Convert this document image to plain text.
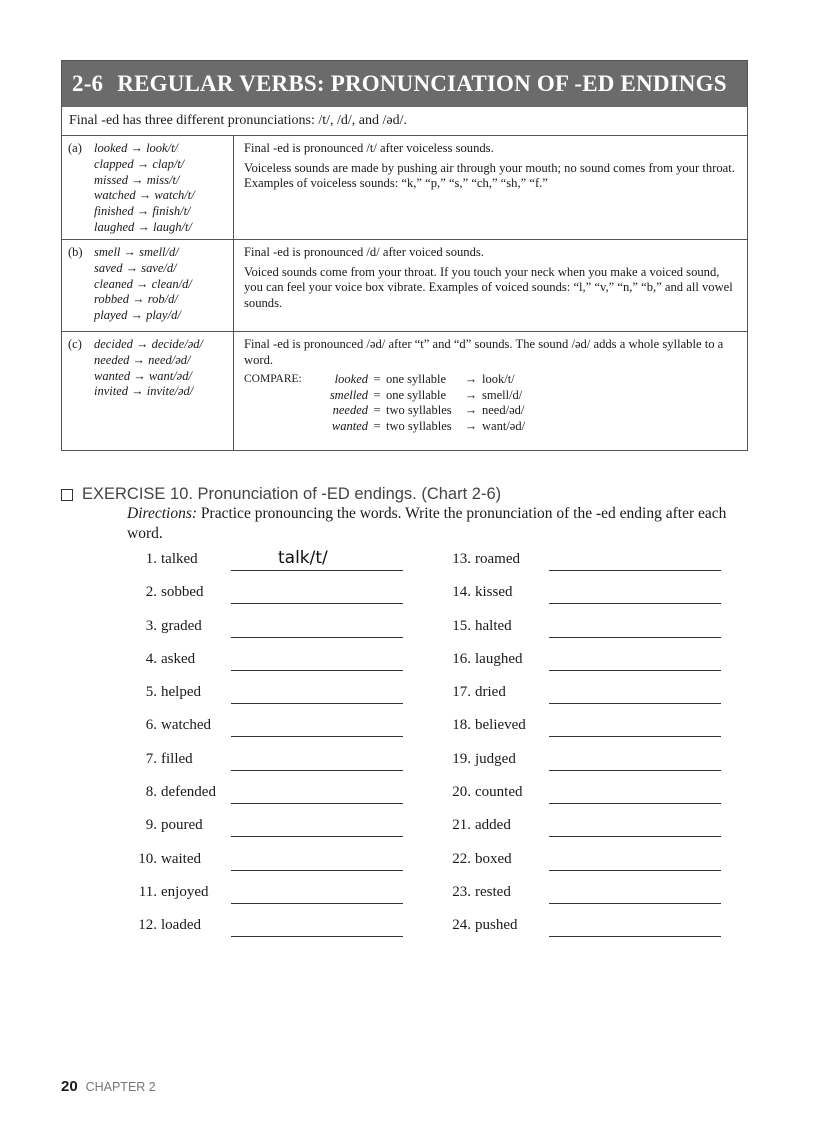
2-6 REGULAR VERBS: PRONUNCIATION OF -ED ENDINGS
Final -ed has three different pronunciations: /t/, /d/, and /əd/.
(a) looked → look/t/
clapped → clap/t/
missed → miss/t/
watched → watch/t/
finished → finish/t/
laughed → laugh/t/

Final -ed is pronounced /t/ after voiceless sounds.

Voiceless sounds are made by pushing air through your mouth; no sound comes from your throat. Examples of voiceless sounds: “k,” “p,” “s,” “ch,” “sh,” “f.”

(b) smell → smell/d/
saved → save/d/
cleaned → clean/d/
robbed → rob/d/
played → play/d/

Final -ed is pronounced /d/ after voiced sounds.

Voiced sounds come from your throat. If you touch your neck when you make a voiced sound, you can feel your voice box vibrate. Examples of voiced sounds: “l,” “v,” “n,” “b,” and all vowel sounds.

(c) decided → decide/əd/
needed → need/əd/
wanted → want/əd/
invited → invite/əd/

Final -ed is pronounced /əd/ after “t” and “d” sounds. The sound /əd/ adds a whole syllable to a word.

COMPARE:	looked = one syllable	→ look/t/
smelled = one syllable	→ smell/d/
needed = two syllables	→ need/əd/
wanted = two syllables	→ want/əd/
EXERCISE 10. Pronunciation of -ED endings. (Chart 2-6)
Directions: Practice pronouncing the words. Write the pronunciation of the -ed ending after each word.
1. talked	talk/t/
2. sobbed
3. graded
4. asked
5. helped
6. watched
7. filled
8. defended
9. poured
10. waited
11. enjoyed
12. loaded
13. roamed
14. kissed
15. halted
16. laughed
17. dried
18. believed
19. judged
20. counted
21. added
22. boxed
23. rested
24. pushed
20 CHAPTER 2
